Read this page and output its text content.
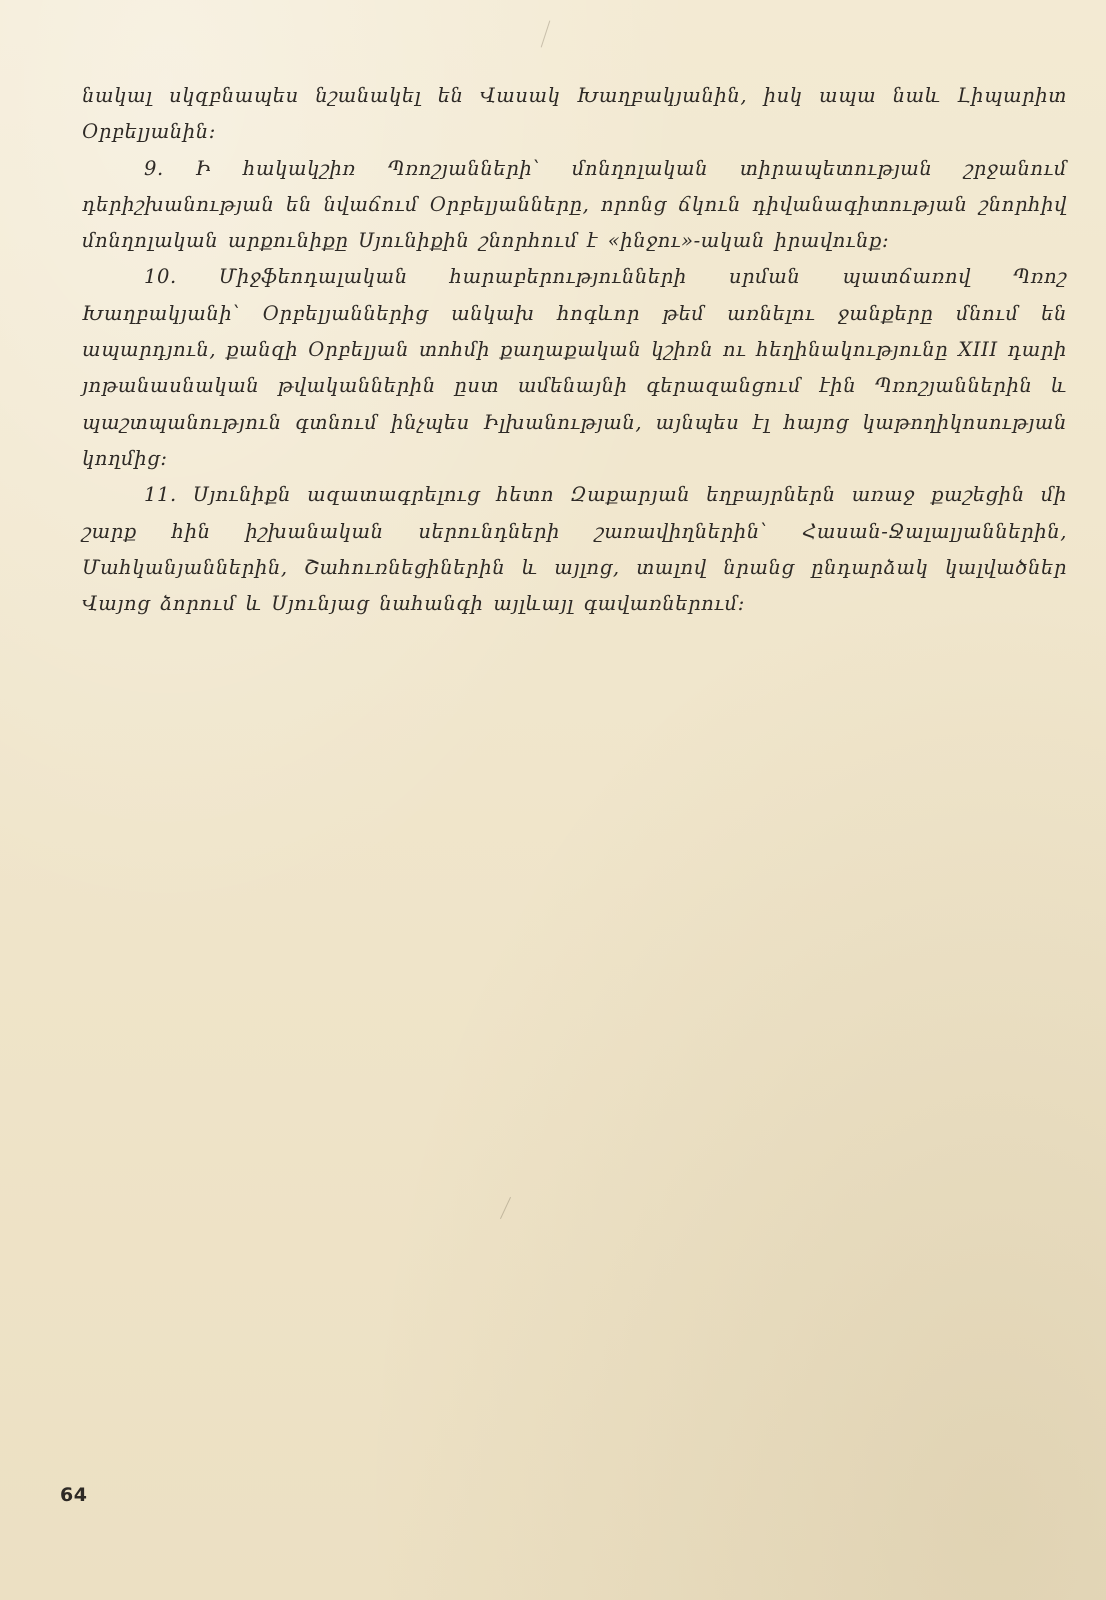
նակալ սկզբնապես նշանակել են Վասակ Խաղբակյանին, իսկ ապա նաև Լիպարիտ Օրբելյանին։

9. Ի հակակշիռ Պռոշյանների՝ մոնղոլական տիրապետության շրջանում դերիշխանության են նվաճում Օրբելյանները, որոնց ճկուն դիվանագիտության շնորհիվ մոնղոլական արքունիքը Սյունիքին շնորհում է «ինջու»-ական իրավունք։

10. Միջֆեոդալական հարաբերությունների սրման պատճառով Պռոշ Խաղբակյանի՝ Օրբելյաններից անկախ հոգևոր թեմ առնելու ջանքերը մնում են ապարդյուն, քանզի Օրբելյան տոհմի քաղաքական կշիռն ու հեղինակությունը XIII դարի յոթանասնական թվականներին ըստ ամենայնի գերազանցում էին Պռոշյաններին և պաշտպանություն գտնում ինչպես Իլխանության, այնպես էլ հայոց կաթողիկոսության կողմից։

11. Սյունիքն ազատագրելուց հետո Զաքարյան եղբայրներն առաջ քաշեցին մի շարք հին իշխանական սերունդների շառավիղներին՝ Հասան-Ջալալյաններին, Մահկանյաններին, Շահուռնեցիներին և այլոց, տալով նրանց ընդարձակ կալվածներ Վայոց ձորում և Սյունյաց նահանգի այլևայլ գավառներում։

64
